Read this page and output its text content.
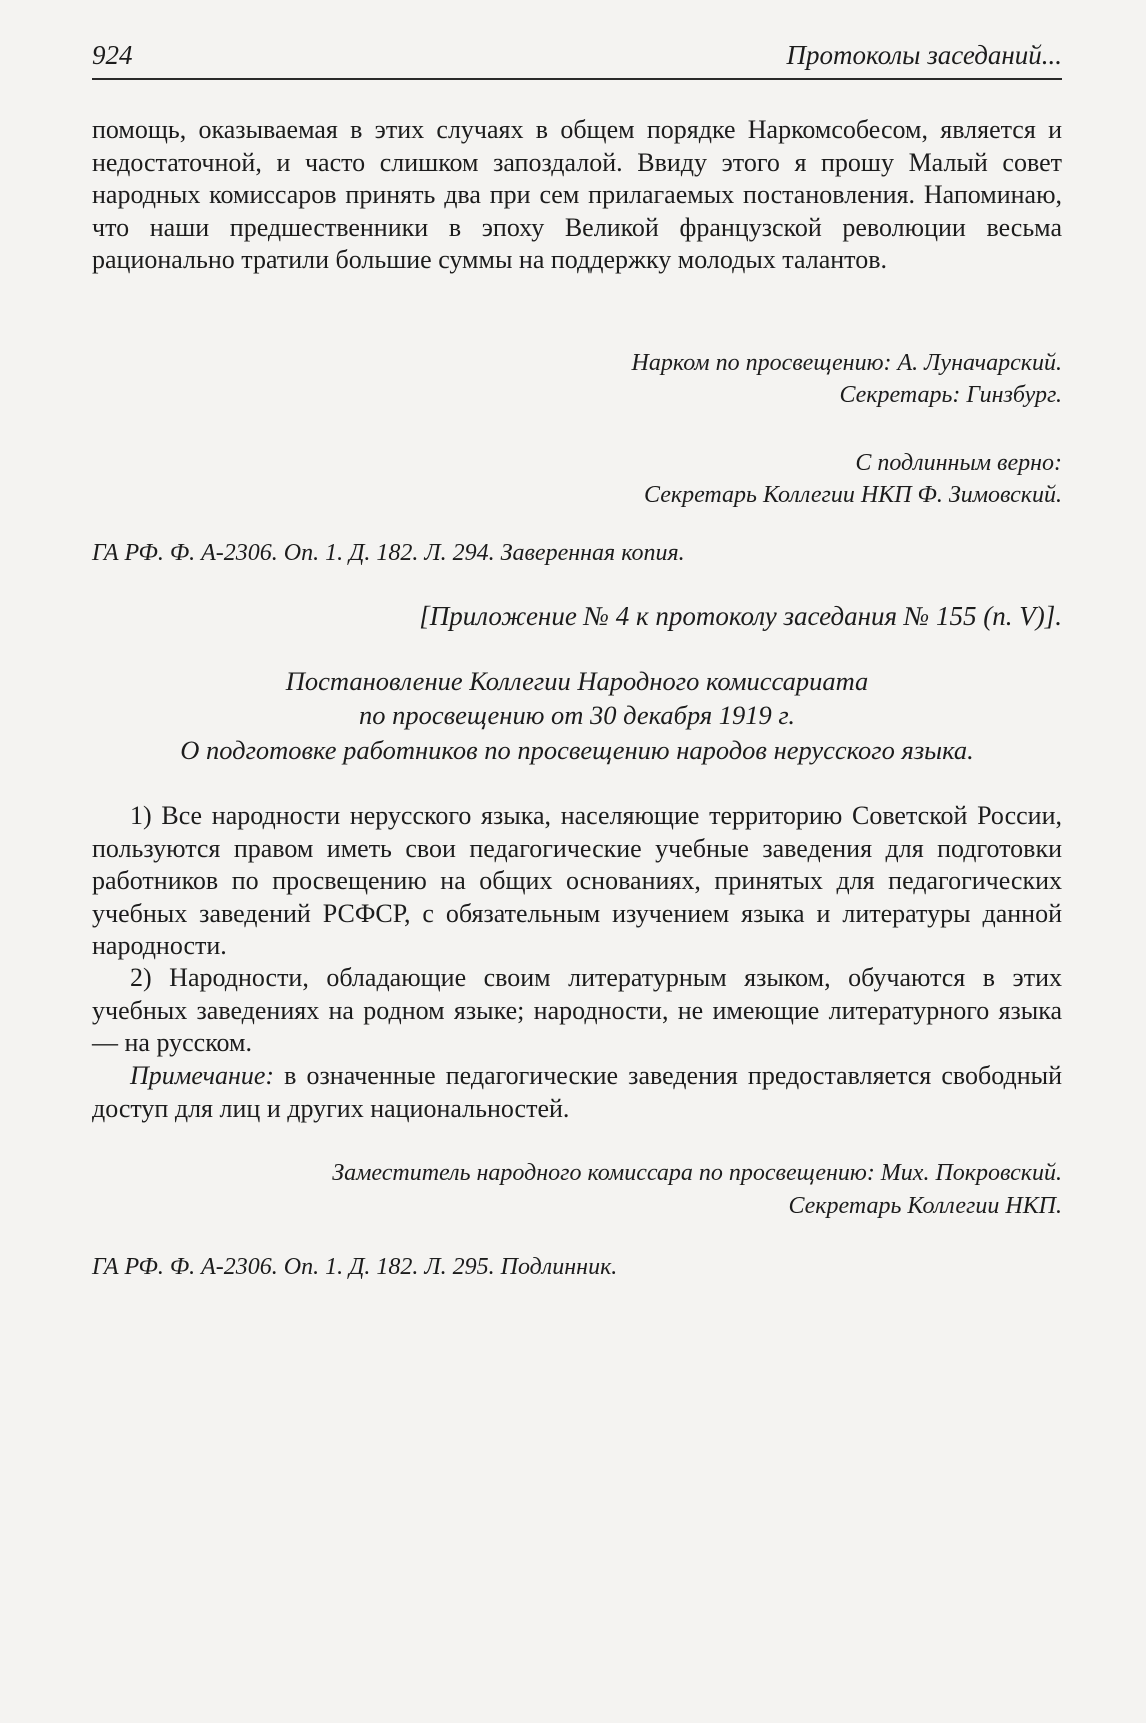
924	Протоколы заседаний...

помощь, оказываемая в этих случаях в общем порядке Наркомсобесом, является и недостаточной, и часто слишком запоздалой. Ввиду этого я прошу Малый совет народных комиссаров принять два при сем прилагаемых постановления. Напоминаю, что наши предшественники в эпоху Великой французской революции весьма рационально тратили большие суммы на поддержку молодых талантов.

Нарком по просвещению: А. Луначарский.
Секретарь: Гинзбург.
С подлинным верно:
Секретарь Коллегии НКП Ф. Зимовский.
ГА РФ. Ф. А-2306. Оп. 1. Д. 182. Л. 294. Заверенная копия.
[Приложение № 4 к протоколу заседания № 155 (п. V)].
Постановление Коллегии Народного комиссариата
по просвещению от 30 декабря 1919 г.
О подготовке работников по просвещению народов нерусского языка.

1) Все народности нерусского языка, населяющие территорию Советской России, пользуются правом иметь свои педагогические учебные заведения для подготовки работников по просвещению на общих основаниях, принятых для педагогических учебных заведений РСФСР, с обязательным изучением языка и литературы данной народности.

2) Народности, обладающие своим литературным языком, обучаются в этих учебных заведениях на родном языке; народности, не имеющие литературного языка — на русском.

Примечание: в означенные педагогические заведения предоставляется свободный доступ для лиц и других национальностей.

Заместитель народного комиссара по просвещению: Мих. Покровский.
Секретарь Коллегии НКП.
ГА РФ. Ф. А-2306. Оп. 1. Д. 182. Л. 295. Подлинник.
